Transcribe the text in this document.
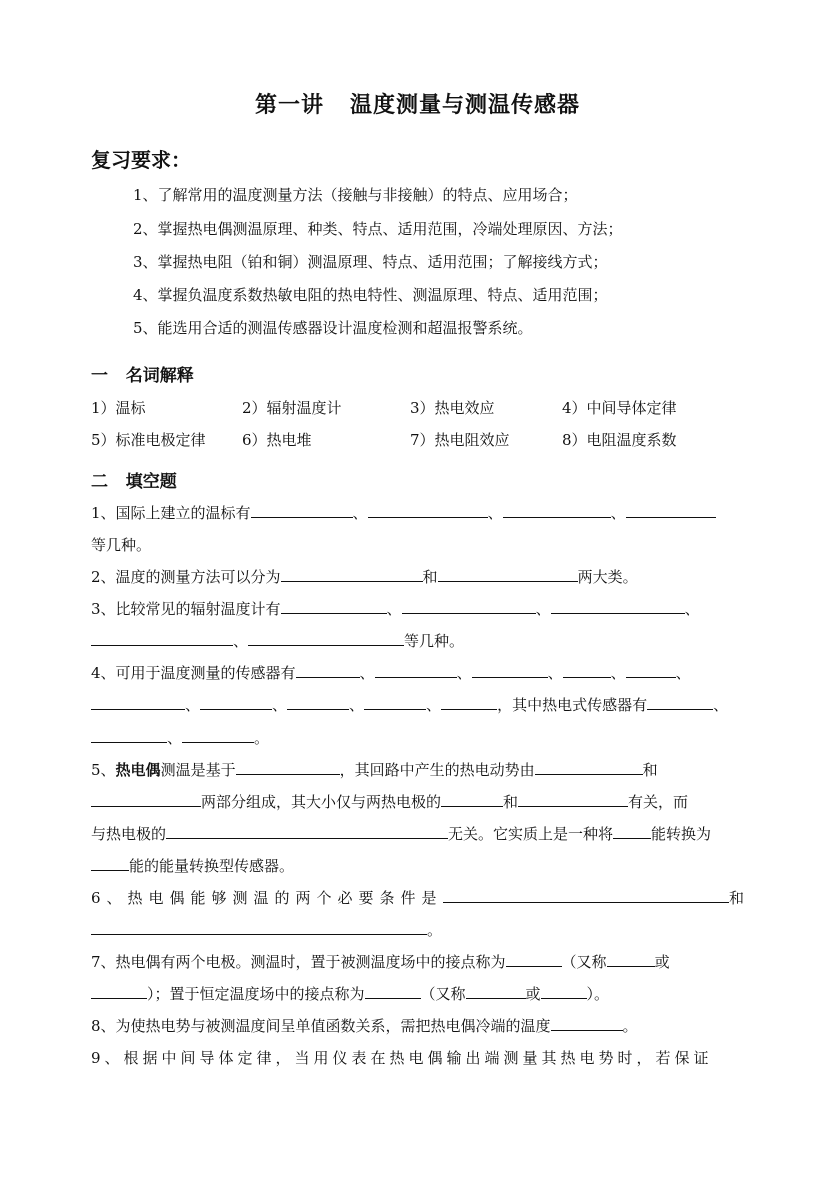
第一讲   温度测量与测温传感器
复习要求：
1、了解常用的温度测量方法（接触与非接触）的特点、应用场合；
2、掌握热电偶测温原理、种类、特点、适用范围，冷端处理原因、方法；
3、掌握热电阻（铂和铜）测温原理、特点、适用范围；了解接线方式；
4、掌握负温度系数热敏电阻的热电特性、测温原理、特点、适用范围；
5、能选用合适的测温传感器设计温度检测和超温报警系统。
一   名词解释
1）温标	2）辐射温度计	3）热电效应	4）中间导体定律
5）标准电极定律 6）热电堆	7）热电阻效应	8）电阻温度系数
二   填空题
1、国际上建立的温标有	、	、	、
等几种。
2、温度的测量方法可以分为	和	两大类。
3、比较常见的辐射温度计有	、	、	、
、	等几种。
4、可用于温度测量的传感器有	、	、	、	、	、
、	、	、	、	，其中热电式传感器有	、
、	。
5、热电偶测温是基于	，其回路中产生的热电动势由	和
两部分组成，其大小仅与两热电极的	和	有关，而
与热电极的	无关。它实质上是一种将	能转换为
能的能量转换型传感器。
6、热电偶能够测温的两个必要条件是	和
。
7、热电偶有两个电极。测温时，置于被测温度场中的接点称为	（又称	或
）；置于恒定温度场中的接点称为	（又称	或	）。
8、为使热电势与被测温度间呈单值函数关系，需把热电偶冷端的温度	。
9、根据中间导体定律，当用仪表在热电偶输出端测量其热电势时，若保证
